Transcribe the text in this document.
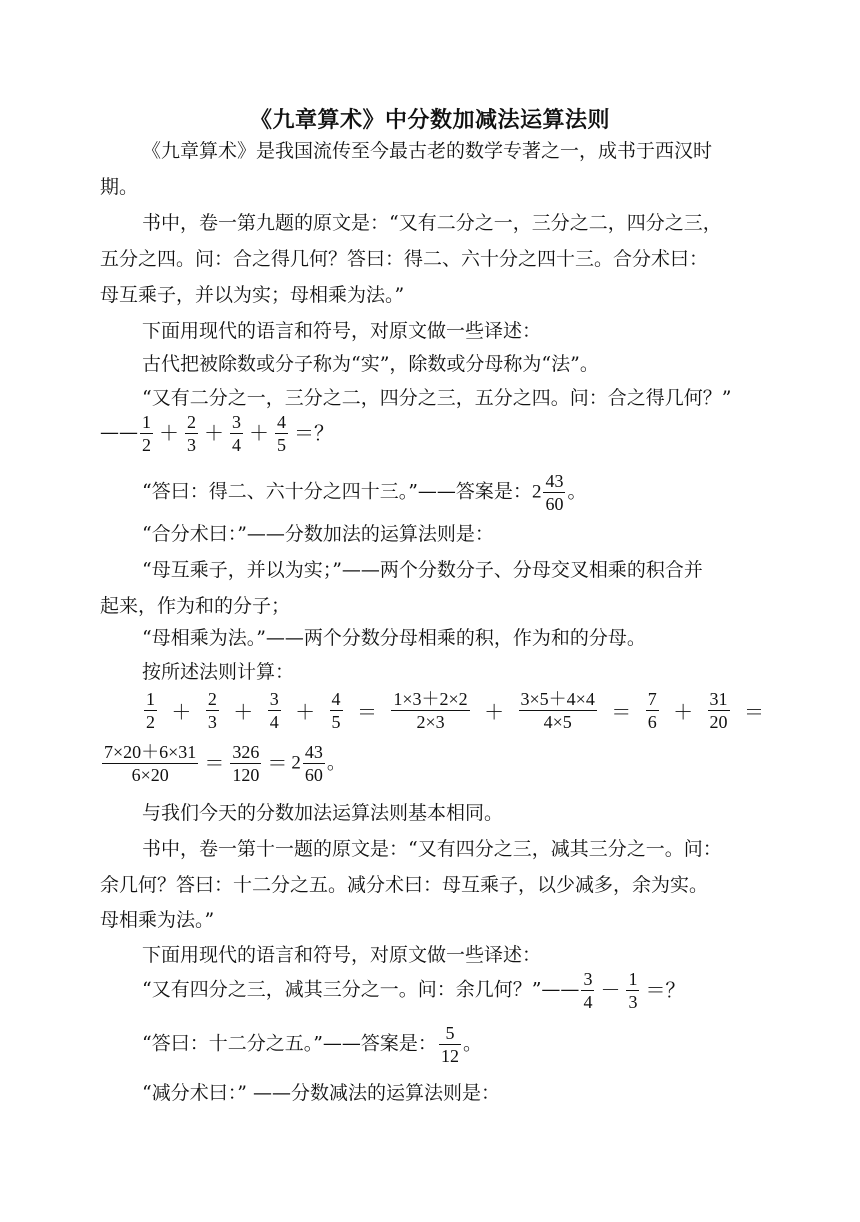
《九章算术》中分数加减法运算法则
《九章算术》是我国流传至今最古老的数学专著之一，成书于西汉时
期。
书中，卷一第九题的原文是：“又有二分之一，三分之二，四分之三，
五分之四。问：合之得几何？答曰：得二、六十分之四十三。合分术曰：
母互乘子，并以为实；母相乘为法。”
下面用现代的语言和符号，对原文做一些译述：
古代把被除数或分子称为“实”，除数或分母称为“法”。
“又有二分之一，三分之二，四分之三，五分之四。问：合之得几何？”
—— $\frac{1}{2} + \frac{2}{3} + \frac{3}{4} + \frac{4}{5}$ ＝？
“答曰：得二、六十分之四十三。”——答案是：$2 \frac{43}{60}$ 。
“合分术曰：”——分数加法的运算法则是：
“母互乘子，并以为实；”——两个分数分子、分母交叉相乘的积合并
起来，作为和的分子；
“母相乘为法。”——两个分数分母相乘的积，作为和的分母。
按所述法则计算：
$\frac{1}{2} + \frac{2}{3} + \frac{3}{4} + \frac{4}{5} = \frac{1\times 3+2\times 2}{2\times 3} + \frac{3\times 5+4\times 4}{4\times 5} = \frac{7}{6} + \frac{31}{20}$ ＝
$\frac{7\times 20+6\times 31}{6\times 20} = \frac{326}{120} = 2 \frac{43}{60}$ 。
与我们今天的分数加法运算法则基本相同。
书中，卷一第十一题的原文是：“又有四分之三，减其三分之一。问：
余几何？答曰：十二分之五。减分术曰：母互乘子，以少减多，余为实。
母相乘为法。”
下面用现代的语言和符号，对原文做一些译述：
“又有四分之三，减其三分之一。问：余几何？”—— $\frac{3}{4} - \frac{1}{3}$ ＝？
“答曰：十二分之五。”——答案是： $\frac{5}{12}$ 。
“减分术曰：” ——分数减法的运算法则是：
